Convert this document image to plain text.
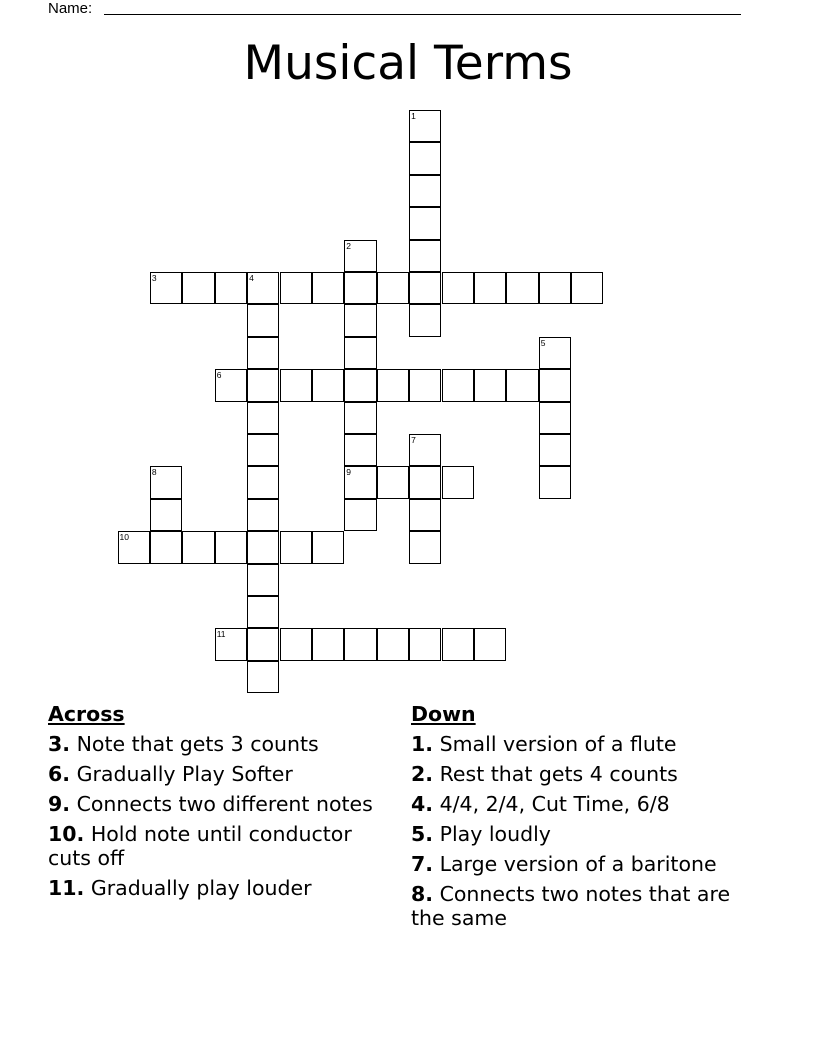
Name:
Musical Terms
1
2
9
3	4
5
6
7
8
10
11
Across
3. Note that gets 3 counts
6. Gradually Play Softer
9. Connects two different notes
10. Hold note until conductor cuts off
11. Gradually play louder
Down
1. Small version of a flute
2. Rest that gets 4 counts
4. 4/4, 2/4, Cut Time, 6/8
5. Play loudly
7. Large version of a baritone
8. Connects two notes that are the same
